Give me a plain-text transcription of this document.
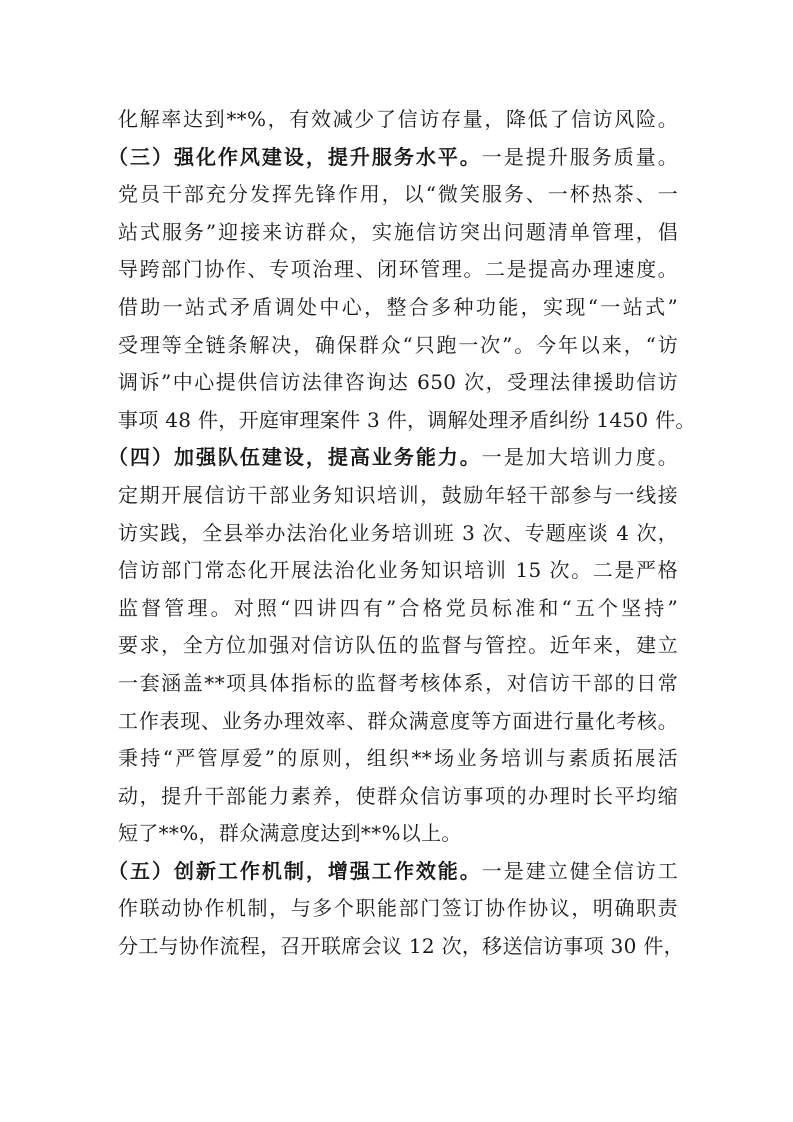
化解率达到**%，有效减少了信访存量，降低了信访风险。
（三）强化作风建设，提升服务水平。一是提升服务质量。
党员干部充分发挥先锋作用，以“微笑服务、一杯热茶、一
站式服务”迎接来访群众，实施信访突出问题清单管理，倡
导跨部门协作、专项治理、闭环管理。二是提高办理速度。
借助一站式矛盾调处中心，整合多种功能，实现“一站式”
受理等全链条解决，确保群众“只跑一次”。今年以来，“访
调诉”中心提供信访法律咨询达 650 次，受理法律援助信访
事项 48 件，开庭审理案件 3 件，调解处理矛盾纠纷 1450 件。
（四）加强队伍建设，提高业务能力。一是加大培训力度。
定期开展信访干部业务知识培训，鼓励年轻干部参与一线接
访实践，全县举办法治化业务培训班 3 次、专题座谈 4 次，
信访部门常态化开展法治化业务知识培训 15 次。二是严格
监督管理。对照“四讲四有”合格党员标准和“五个坚持”
要求，全方位加强对信访队伍的监督与管控。近年来，建立
一套涵盖**项具体指标的监督考核体系，对信访干部的日常
工作表现、业务办理效率、群众满意度等方面进行量化考核。
秉持“严管厚爱”的原则，组织**场业务培训与素质拓展活
动，提升干部能力素养，使群众信访事项的办理时长平均缩
短了**%，群众满意度达到**%以上。
（五）创新工作机制，增强工作效能。一是建立健全信访工
作联动协作机制，与多个职能部门签订协作协议，明确职责
分工与协作流程，召开联席会议 12 次，移送信访事项 30 件，
